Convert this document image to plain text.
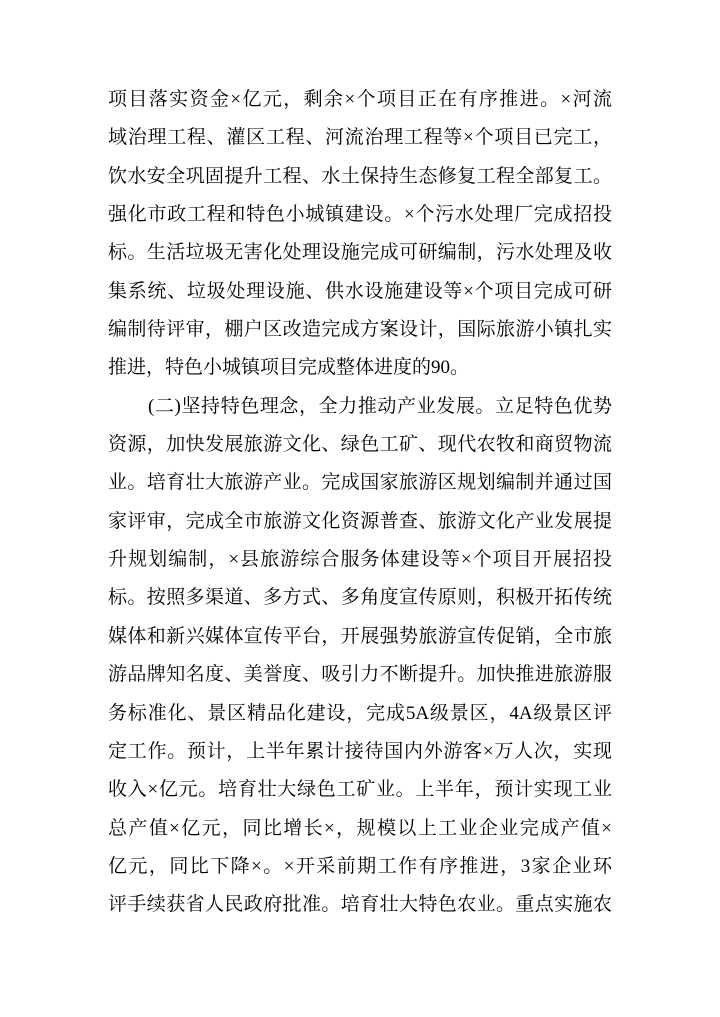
项目落实资金×亿元，剩余×个项目正在有序推进。×河流
域治理工程、灌区工程、河流治理工程等×个项目已完工，
饮水安全巩固提升工程、水土保持生态修复工程全部复工。
强化市政工程和特色小城镇建设。×个污水处理厂完成招投
标。生活垃圾无害化处理设施完成可研编制，污水处理及收
集系统、垃圾处理设施、供水设施建设等×个项目完成可研
编制待评审，棚户区改造完成方案设计，国际旅游小镇扎实
推进，特色小城镇项目完成整体进度的90。
(二)坚持特色理念，全力推动产业发展。立足特色优势
资源，加快发展旅游文化、绿色工矿、现代农牧和商贸物流
业。培育壮大旅游产业。完成国家旅游区规划编制并通过国
家评审，完成全市旅游文化资源普查、旅游文化产业发展提
升规划编制，×县旅游综合服务体建设等×个项目开展招投
标。按照多渠道、多方式、多角度宣传原则，积极开拓传统
媒体和新兴媒体宣传平台，开展强势旅游宣传促销，全市旅
游品牌知名度、美誉度、吸引力不断提升。加快推进旅游服
务标准化、景区精品化建设，完成5A级景区，4A级景区评
定工作。预计，上半年累计接待国内外游客×万人次，实现
收入×亿元。培育壮大绿色工矿业。上半年，预计实现工业
总产值×亿元，同比增长×，规模以上工业企业完成产值×
亿元，同比下降×。×开采前期工作有序推进，3家企业环
评手续获省人民政府批准。培育壮大特色农业。重点实施农
